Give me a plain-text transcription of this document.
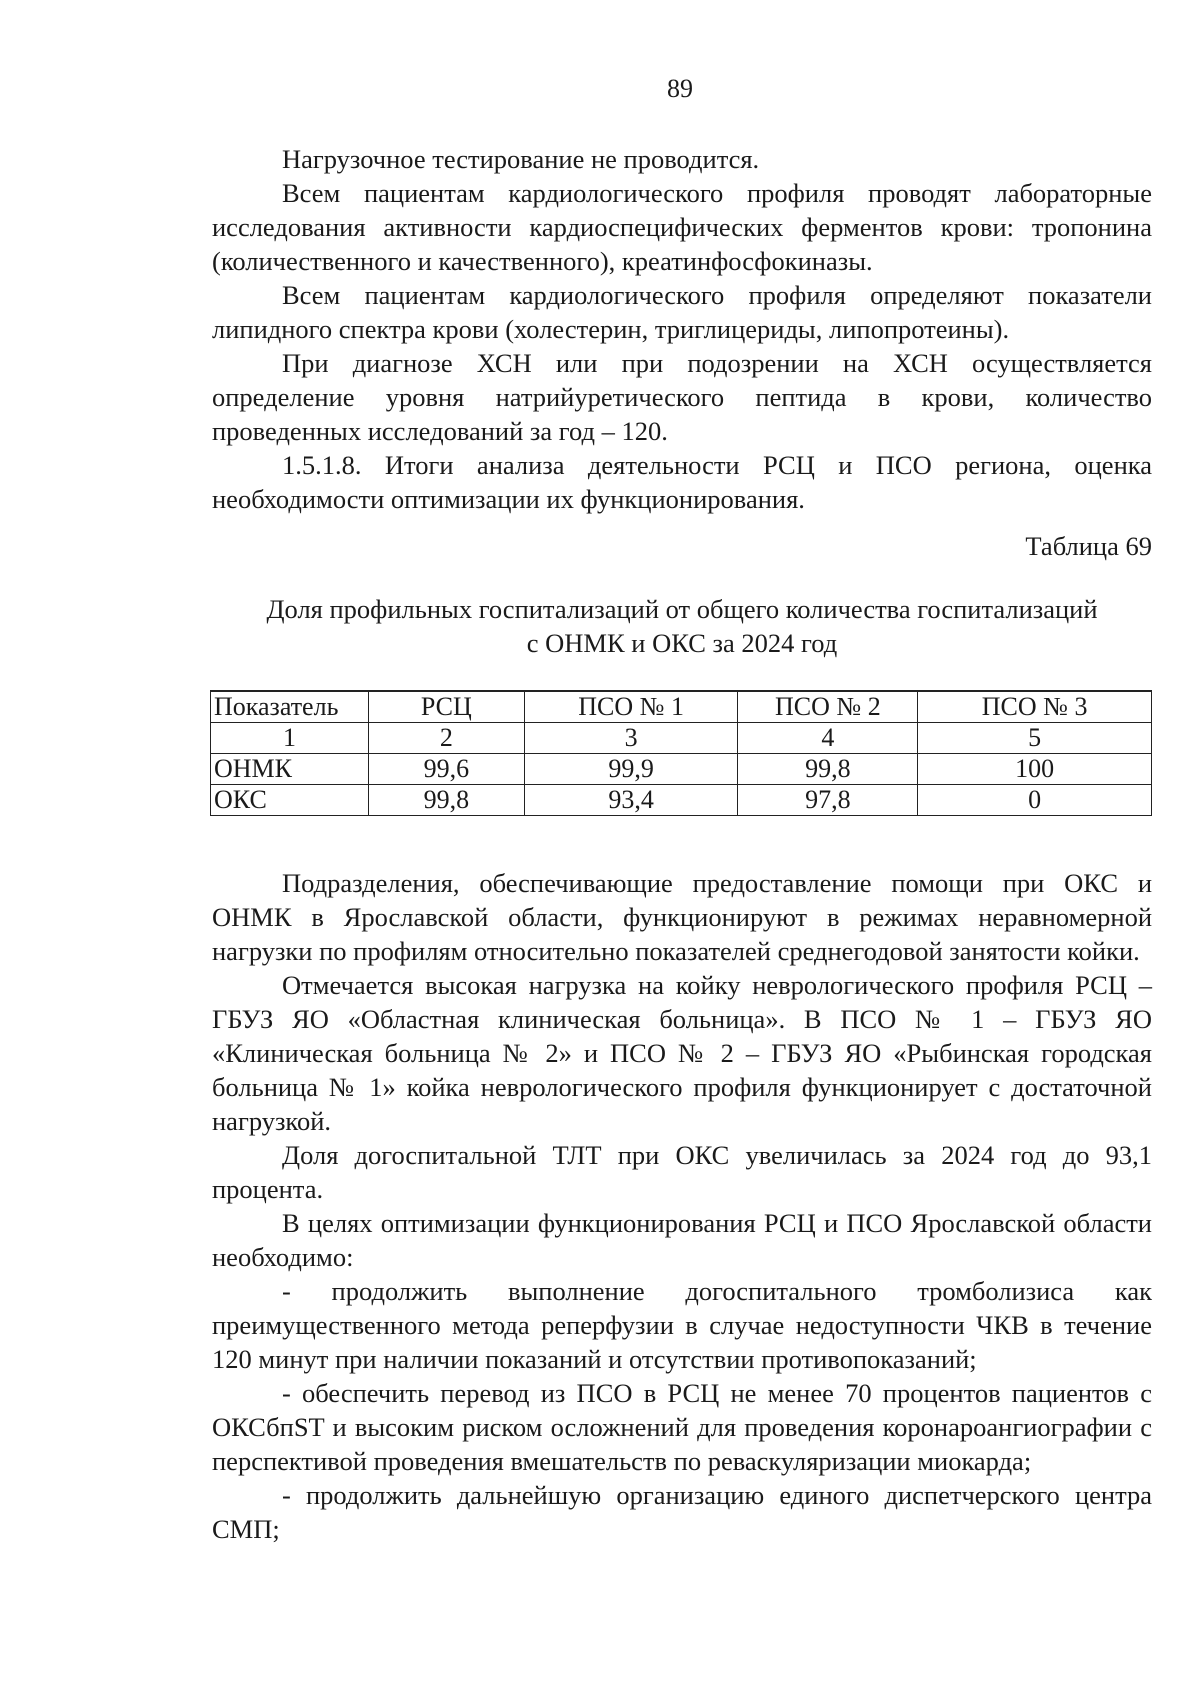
89

Нагрузочное тестирование не проводится.

Всем пациентам кардиологического профиля проводят лабораторные исследования активности кардиоспецифических ферментов крови: тропонина (количественного и качественного), креатинфосфокиназы.

Всем пациентам кардиологического профиля определяют показатели липидного спектра крови (холестерин, триглицериды, липопротеины).

При диагнозе ХСН или при подозрении на ХСН осуществляется определение уровня натрийуретического пептида в крови, количество проведенных исследований за год – 120.

1.5.1.8. Итоги анализа деятельности РСЦ и ПСО региона, оценка необходимости оптимизации их функционирования.

Таблица 69
Доля профильных госпитализаций от общего количества госпитализаций
с ОНМК и ОКС за 2024 год
Показатель	РСЦ	ПСО № 1	ПСО № 2	ПСО № 3
1	2	3	4	5
ОНМК	99,6	99,9	99,8	100
ОКС	99,8	93,4	97,8	0

Подразделения, обеспечивающие предоставление помощи при ОКС и ОНМК в Ярославской области, функционируют в режимах неравномерной нагрузки по профилям относительно показателей среднегодовой занятости койки.

Отмечается высокая нагрузка на койку неврологического профиля РСЦ – ГБУЗ ЯО «Областная клиническая больница». В ПСО № 1 – ГБУЗ ЯО «Клиническая больница № 2» и ПСО № 2 – ГБУЗ ЯО «Рыбинская городская больница № 1» койка неврологического профиля функционирует с достаточной нагрузкой.

Доля догоспитальной ТЛТ при ОКС увеличилась за 2024 год до 93,1 процента.

В целях оптимизации функционирования РСЦ и ПСО Ярославской области необходимо:

- продолжить выполнение догоспитального тромболизиса как преимущественного метода реперфузии в случае недоступности ЧКВ в течение 120 минут при наличии показаний и отсутствии противопоказаний;

- обеспечить перевод из ПСО в РСЦ не менее 70 процентов пациентов с ОКСбпST и высоким риском осложнений для проведения коронароангиографии с перспективой проведения вмешательств по реваскуляризации миокарда;

- продолжить дальнейшую организацию единого диспетчерского центра СМП;
